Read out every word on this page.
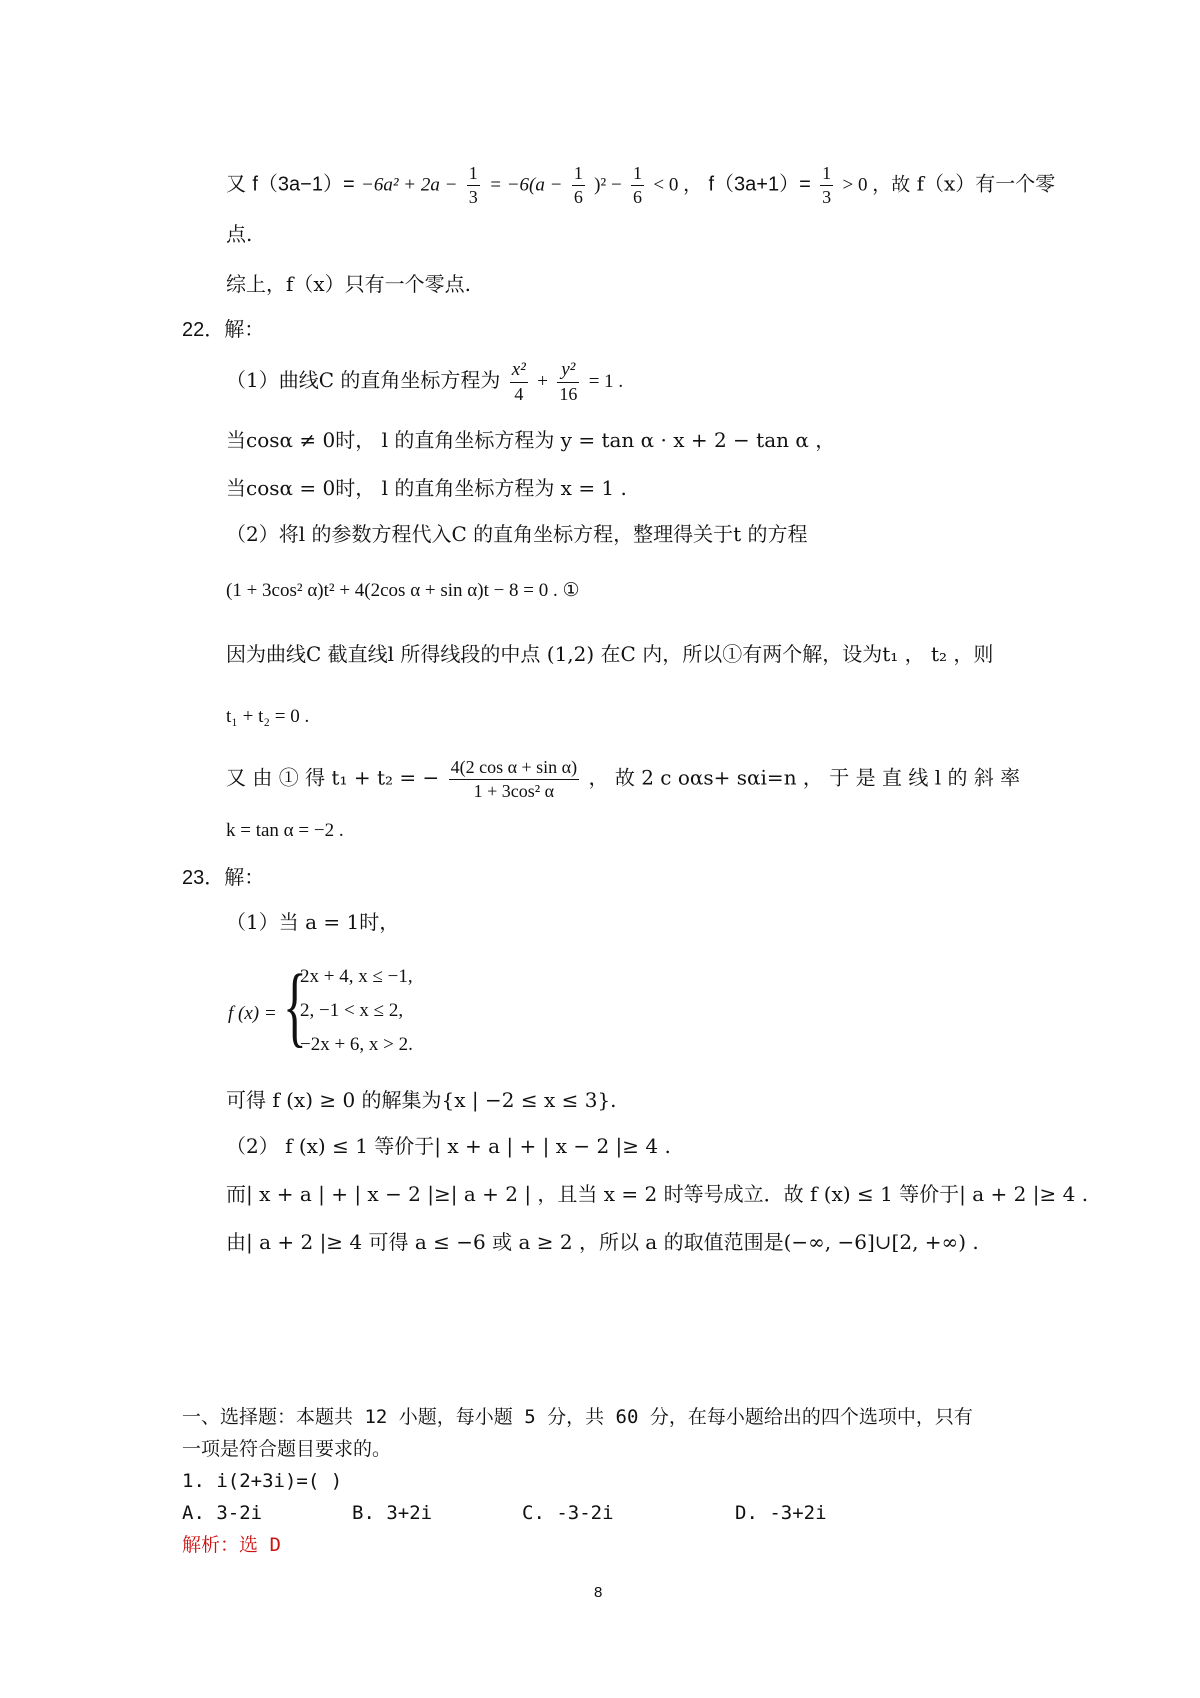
又 $f(3a-1)= -6a^2 + 2a - \frac{1}{3} = -6(a - \frac{1}{6} )^2 - \frac{1}{6} < 0$ ， $f(3a+1)= \frac{1}{3} > 0$ ，故 f（x）有一个零
点.
综上，f（x）只有一个零点.
22．解：
（1）曲线C 的直角坐标方程为 $\frac{\text{x²}}{4} + \frac{\text{y²}}{16} = 1$ .
当cosα ≠ 0时， l 的直角坐标方程为 y = tan α · x + 2 − tan α ，
当cosα = 0时， l 的直角坐标方程为 x = 1 .
（2）将l 的参数方程代入C 的直角坐标方程，整理得关于t 的方程
(1 + 3cos² α)t² + 4(2cos α + sin α)t − 8 = 0 . ①
因为曲线C 截直线l 所得线段的中点 (1,2) 在C 内，所以①有两个解，设为t₁ ， t₂ ，则
t₁ + t₂ = 0 .
又 由 ① 得 t₁ + t₂ = − $\frac{\text{4(2 cos α + sin α)}}{\text{1 + 3cos² α}}$ ， 故 2 c oαs+ sαi=n ， 于 是 直 线 l 的 斜 率
k = tan α = −2 .
23．解：
（1）当 a = 1时，
f (x) = {
2x + 4, x ≤ −1,
2, −1 < x ≤ 2,
−2x + 6, x > 2.
可得 f (x) ≥ 0 的解集为{x | −2 ≤ x ≤ 3}.
（2） f (x) ≤ 1 等价于| x + a | + | x − 2 |≥ 4 .
而| x + a | + | x − 2 |≥| a + 2 | ，且当 x = 2 时等号成立．故 f (x) ≤ 1 等价于| a + 2 |≥ 4 .
由| a + 2 |≥ 4 可得 a ≤ −6 或 a ≥ 2 ，所以 a 的取值范围是(−∞, −6]∪[2, +∞) .
一、选择题：本题共 12 小题，每小题 5 分，共 60 分，在每小题给出的四个选项中，只有
一项是符合题目要求的。
1. i(2+3i)=( )
A. 3-2i	B. 3+2i	C. -3-2i	D. -3+2i
解析：选 D
8
